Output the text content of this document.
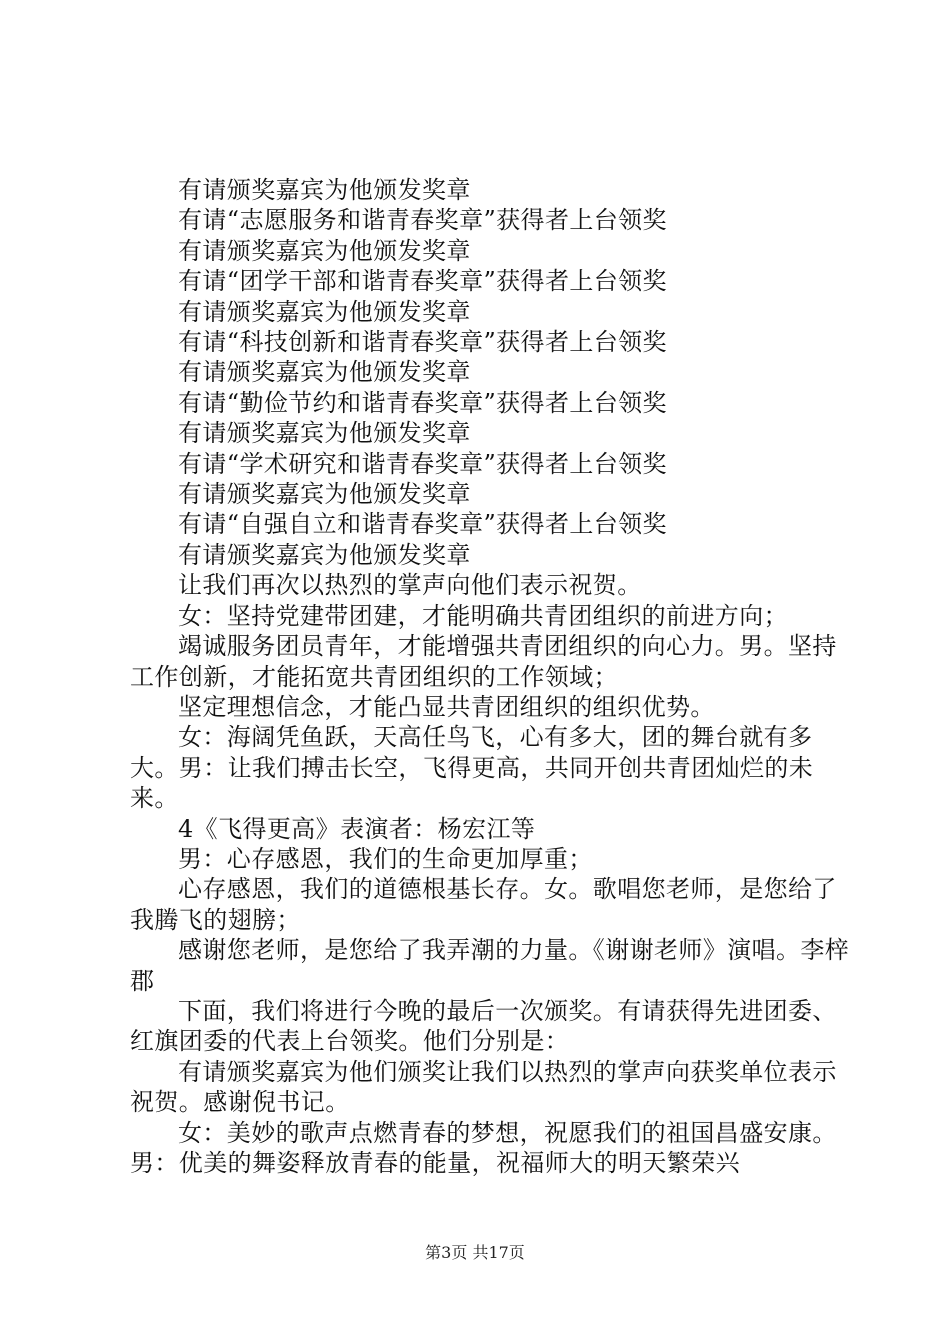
有请颁奖嘉宾为他颁发奖章

有请“志愿服务和谐青春奖章”获得者上台领奖

有请颁奖嘉宾为他颁发奖章

有请“团学干部和谐青春奖章”获得者上台领奖

有请颁奖嘉宾为他颁发奖章

有请“科技创新和谐青春奖章”获得者上台领奖

有请颁奖嘉宾为他颁发奖章

有请“勤俭节约和谐青春奖章”获得者上台领奖

有请颁奖嘉宾为他颁发奖章

有请“学术研究和谐青春奖章”获得者上台领奖

有请颁奖嘉宾为他颁发奖章

有请“自强自立和谐青春奖章”获得者上台领奖

有请颁奖嘉宾为他颁发奖章

让我们再次以热烈的掌声向他们表示祝贺。

女：坚持党建带团建，才能明确共青团组织的前进方向；

竭诚服务团员青年，才能增强共青团组织的向心力。男。坚持工作创新，才能拓宽共青团组织的工作领域；

坚定理想信念，才能凸显共青团组织的组织优势。

女：海阔凭鱼跃，天高任鸟飞，心有多大，团的舞台就有多大。男：让我们搏击长空，飞得更高，共同开创共青团灿烂的未来。

4《飞得更高》表演者：杨宏江等

男：心存感恩，我们的生命更加厚重；

心存感恩，我们的道德根基长存。女。歌唱您老师，是您给了我腾飞的翅膀；

感谢您老师，是您给了我弄潮的力量。《谢谢老师》演唱。李梓郡

下面，我们将进行今晚的最后一次颁奖。有请获得先进团委、红旗团委的代表上台领奖。他们分别是：

有请颁奖嘉宾为他们颁奖让我们以热烈的掌声向获奖单位表示祝贺。感谢倪书记。

女：美妙的歌声点燃青春的梦想，祝愿我们的祖国昌盛安康。男：优美的舞姿释放青春的能量，祝福师大的明天繁荣兴

第3页 共17页
